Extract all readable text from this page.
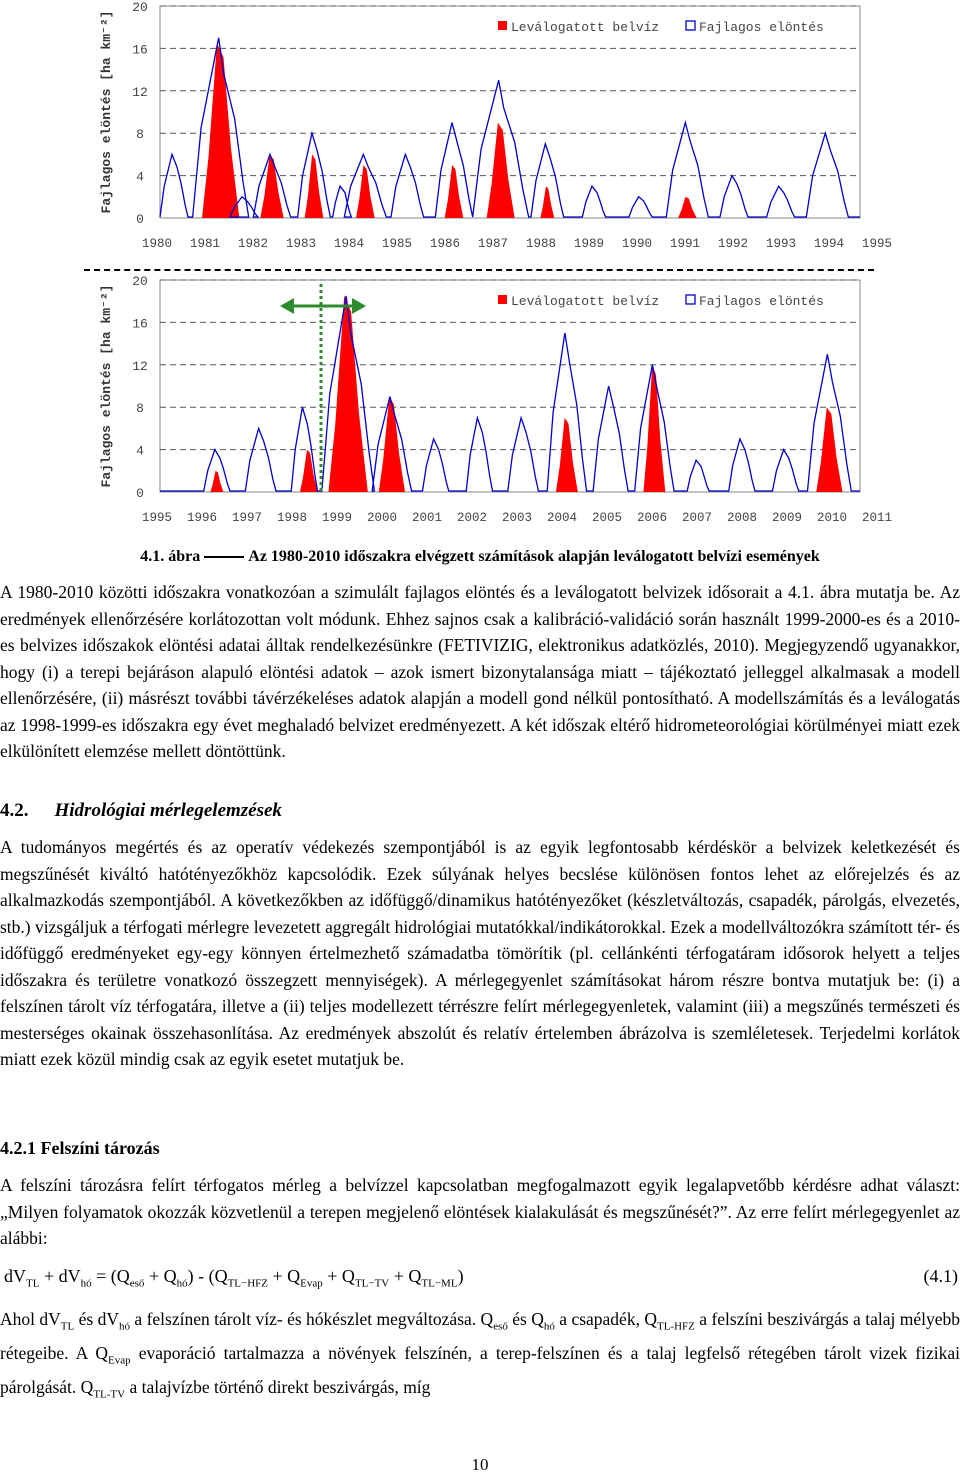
20
16
12
8
4
0
Fajlagos elöntés [ha km⁻²]
1980 1981 1982 1983 1984 1985 1986 1987 1988 1989 1990 1991 1992 1993 1994 1995
Leválogatott belvíz	Fajlagos elöntés
20
16
12
8
4
0
Fajlagos elöntés [ha km⁻²]
1995 1996 1997 1998 1999 2000 2001 2002 2003 2004 2005 2006 2007 2008 2009 2010 2011
Leválogatott belvíz	Fajlagos elöntés
4.1. ábra	Az 1980-2010 időszakra elvégzett számítások alapján leválogatott belvízi események
A 1980-2010 közötti időszakra vonatkozóan a szimulált fajlagos elöntés és a leválogatott belvizek idősorait a 4.1. ábra mutatja be. Az eredmények ellenőrzésére korlátozottan volt módunk. Ehhez sajnos csak a kalibráció-validáció során használt 1999-2000-es és a 2010-es belvizes időszakok elöntési adatai álltak rendelkezésünkre (FETIVIZIG, elektronikus adatközlés, 2010). Megjegyzendő ugyanakkor, hogy (i) a terepi bejáráson alapuló elöntési adatok – azok ismert bizonytalansága miatt – tájékoztató jelleggel alkalmasak a modell ellenőrzésére, (ii) másrészt további távérzékeléses adatok alapján a modell gond nélkül pontosítható. A modellszámítás és a leválogatás az 1998-1999-es időszakra egy évet meghaladó belvizet eredményezett. A két időszak eltérő hidrometeorológiai körülményei miatt ezek elkülönített elemzése mellett döntöttünk.
4.2. Hidrológiai mérlegelemzések
A tudományos megértés és az operatív védekezés szempontjából is az egyik legfontosabb kérdéskör a belvizek keletkezését és megszűnését kiváltó hatótényezőkhöz kapcsolódik. Ezek súlyának helyes becslése különösen fontos lehet az előrejelzés és az alkalmazkodás szempontjából. A következőkben az időfüggő/dinamikus hatótényezőket (készletváltozás, csapadék, párolgás, elvezetés, stb.) vizsgáljuk a térfogati mérlegre levezetett aggregált hidrológiai mutatókkal/indikátorokkal. Ezek a modellváltozókra számított tér- és időfüggő eredményeket egy-egy könnyen értelmezhető számadatba tömörítik (pl. cellánkénti térfogatáram idősorok helyett a teljes időszakra és területre vonatkozó összegzett mennyiségek). A mérlegegyenlet számításokat három részre bontva mutatjuk be: (i) a felszínen tárolt víz térfogatára, illetve a (ii) teljes modellezett térrészre felírt mérlegegyenletek, valamint (iii) a megszűnés természeti és mesterséges okainak összehasonlítása. Az eredmények abszolút és relatív értelemben ábrázolva is szemléletesek. Terjedelmi korlátok miatt ezek közül mindig csak az egyik esetet mutatjuk be.
4.2.1 Felszíni tározás
A felszíni tározásra felírt térfogatos mérleg a belvízzel kapcsolatban megfogalmazott egyik legalapvetőbb kérdésre adhat választ: „Milyen folyamatok okozzák közvetlenül a terepen megjelenő elöntések kialakulását és megszűnését?”. Az erre felírt mérlegegyenlet az alábbi:
$dV_{TL} + dV_{hó} = (Q_{eső} + Q_{hó}) - (Q_{TL-HFZ} + Q_{Evap} + Q_{TL-TV} + Q_{TL-ML})$	(4.1)
Ahol $dV_{TL}$ és $dV_{hó}$ a felszínen tárolt víz- és hókészlet megváltozása. $Q_{eső}$ és $Q_{hó}$ a csapadék, $Q_{TL-HFZ}$ a felszíni beszivárgás a talaj mélyebb rétegeibe. A $Q_{Evap}$ evaporáció tartalmazza a növények felszínén, a terep-felszínen és a talaj legfelső rétegében tárolt vizek fizikai párolgását. $Q_{TL-TV}$ a talajvízbe történő direkt beszivárgás, míg
10
